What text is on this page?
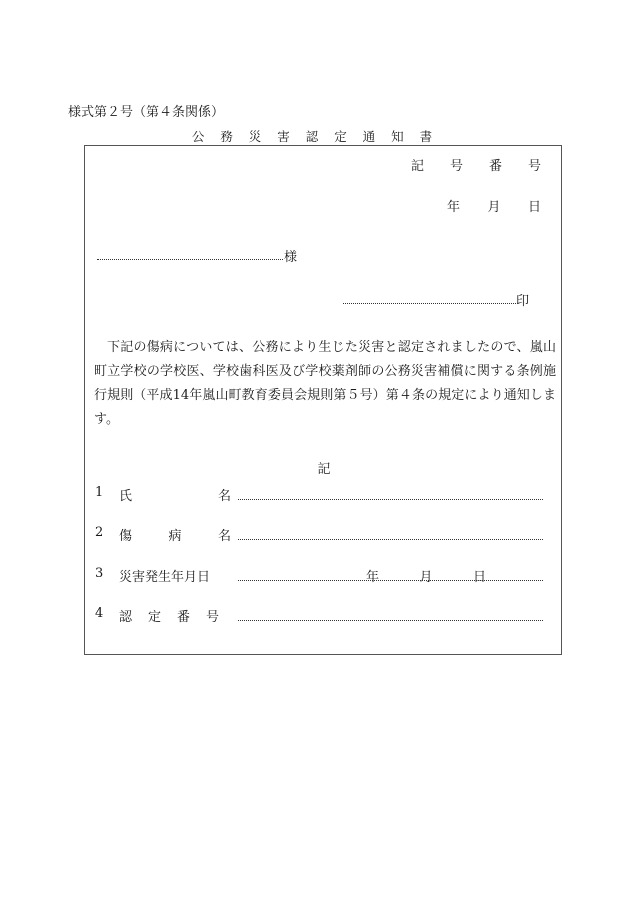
様式第２号（第４条関係）
公 務 災 害 認 定 通 知 書
記 号 番 号
年 月 日
様
印
下記の傷病については、公務により生じた災害と認定されましたので、嵐山町立学校の学校医、学校歯科医及び学校薬剤師の公務災害補償に関する条例施行規則（平成14年嵐山町教育委員会規則第５号）第４条の規定により通知します。
記
1	氏	名
2	傷	病	名
3	災害発生年月日	年	月	日
4	認 定 番 号
